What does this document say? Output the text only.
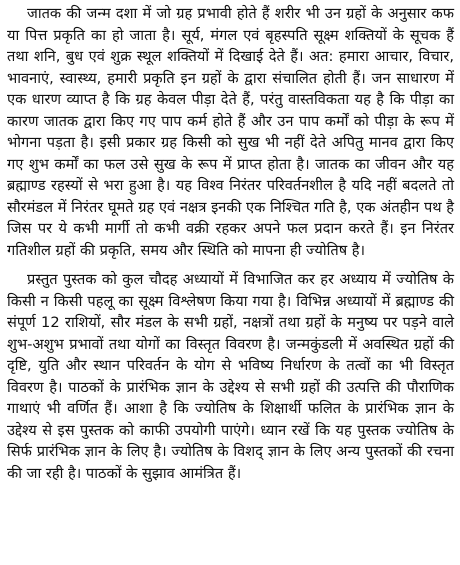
जातक की जन्म दशा में जो ग्रह प्रभावी होते हैं शरीर भी उन ग्रहों के अनुसार कफ या पित्त प्रकृति का हो जाता है। सूर्य, मंगल एवं बृहस्पति सूक्ष्म शक्तियों के सूचक हैं तथा शनि, बुध एवं शुक्र स्थूल शक्तियों में दिखाई देते हैं। अत: हमारा आचार, विचार, भावनाएं, स्वास्थ्य, हमारी प्रकृति इन ग्रहों के द्वारा संचालित होती हैं। जन साधारण में एक धारण व्याप्त है कि ग्रह केवल पीड़ा देते हैं, परंतु वास्तविकता यह है कि पीड़ा का कारण जातक द्वारा किए गए पाप कर्म होते हैं और उन पाप कर्मों को पीड़ा के रूप में भोगना पड़ता है। इसी प्रकार ग्रह किसी को सुख भी नहीं देते अपितु मानव द्वारा किए गए शुभ कर्मों का फल उसे सुख के रूप में प्राप्त होता है। जातक का जीवन और यह ब्रह्माण्ड रहस्यों से भरा हुआ है। यह विश्व निरंतर परिवर्तनशील है यदि नहीं बदलते तो सौरमंडल में निरंतर घूमते ग्रह एवं नक्षत्र इनकी एक निश्चित गति है, एक अंतहीन पथ है जिस पर ये कभी मार्गी तो कभी वक्री रहकर अपने फल प्रदान करते हैं। इन निरंतर गतिशील ग्रहों की प्रकृति, समय और स्थिति को मापना ही ज्योतिष है।

प्रस्तुत पुस्तक को कुल चौदह अध्यायों में विभाजित कर हर अध्याय में ज्योतिष के किसी न किसी पहलू का सूक्ष्म विश्लेषण किया गया है। विभिन्न अध्यायों में ब्रह्माण्ड की संपूर्ण 12 राशियों, सौर मंडल के सभी ग्रहों, नक्षत्रों तथा ग्रहों के मनुष्य पर पड़ने वाले शुभ-अशुभ प्रभावों तथा योगों का विस्तृत विवरण है। जन्मकुंडली में अवस्थित ग्रहों की दृष्टि, युति और स्थान परिवर्तन के योग से भविष्य निर्धारण के तत्वों का भी विस्तृत विवरण है। पाठकों के प्रारंभिक ज्ञान के उद्देश्य से सभी ग्रहों की उत्पत्ति की पौराणिक गाथाएं भी वर्णित हैं। आशा है कि ज्योतिष के शिक्षार्थी फलित के प्रारंभिक ज्ञान के उद्देश्य से इस पुस्तक को काफी उपयोगी पाएंगे। ध्यान रखें कि यह पुस्तक ज्योतिष के सिर्फ प्रारंभिक ज्ञान के लिए है। ज्योतिष के विशद् ज्ञान के लिए अन्य पुस्तकों की रचना की जा रही है। पाठकों के सुझाव आमंत्रित हैं।
